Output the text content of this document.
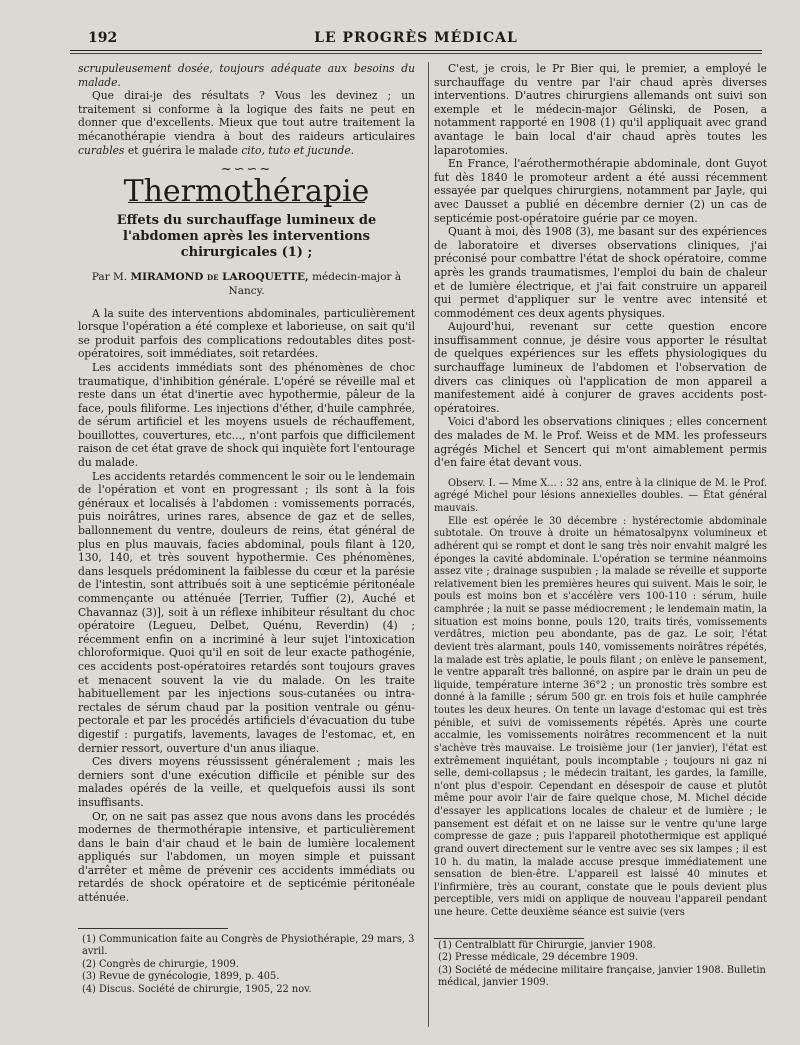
192	LE PROGRÈS MÉDICAL

scrupuleusement dosée, toujours adéquate aux besoins du malade.

Que dirai-je des résultats ? Vous les devinez ; un traitement si conforme à la logique des faits ne peut en donner que d'excellents. Mieux que tout autre traitement la mécanothérapie viendra à bout des raideurs articulaires curables et guérira le malade cito, tuto et jucunde.

~∽∽~
Thermothérapie
Effets du surchauffage lumineux de l'abdomen après les interventions chirurgicales (1) ;
Par M. MIRAMOND de LAROQUETTE, médecin-major à Nancy.

A la suite des interventions abdominales, particulièrement lorsque l'opération a été complexe et laborieuse, on sait qu'il se produit parfois des complications redoutables dites post-opératoires, soit immédiates, soit retardées.

Les accidents immédiats sont des phénomènes de choc traumatique, d'inhibition générale. L'opéré se réveille mal et reste dans un état d'inertie avec hypothermie, pâleur de la face, pouls filiforme. Les injections d'éther, d'huile camphrée, de sérum artificiel et les moyens usuels de réchauffement, bouillottes, couvertures, etc..., n'ont parfois que difficilement raison de cet état grave de shock qui inquiète fort l'entourage du malade.

Les accidents retardés commencent le soir ou le lendemain de l'opération et vont en progressant ; ils sont à la fois généraux et localisés à l'abdomen : vomissements porracés, puis noirâtres, urines rares, absence de gaz et de selles, ballonnement du ventre, douleurs de reins, état général de plus en plus mauvais, facies abdominal, pouls filant à 120, 130, 140, et très souvent hypothermie. Ces phénomènes, dans lesquels prédominent la faiblesse du cœur et la parésie de l'intestin, sont attribués soit à une septicémie péritonéale commençante ou atténuée [Terrier, Tuffier (2), Auché et Chavannaz (3)], soit à un réflexe inhibiteur résultant du choc opératoire (Legueu, Delbet, Quénu, Reverdin) (4) ; récemment enfin on a incriminé à leur sujet l'intoxication chloroformique. Quoi qu'il en soit de leur exacte pathogénie, ces accidents post-opératoires retardés sont toujours graves et menacent souvent la vie du malade. On les traite habituellement par les injections sous-cutanées ou intra-rectales de sérum chaud par la position ventrale ou génu-pectorale et par les procédés artificiels d'évacuation du tube digestif : purgatifs, lavements, lavages de l'estomac, et, en dernier ressort, ouverture d'un anus iliaque.

Ces divers moyens réussissent généralement ; mais les derniers sont d'une exécution difficile et pénible sur des malades opérés de la veille, et quelquefois aussi ils sont insuffisants.

Or, on ne sait pas assez que nous avons dans les procédés modernes de thermothérapie intensive, et particulièrement dans le bain d'air chaud et le bain de lumière localement appliqués sur l'abdomen, un moyen simple et puissant d'arrêter et même de prévenir ces accidents immédiats ou retardés de shock opératoire et de septicémie péritonéale atténuée.

C'est, je crois, le Pr Bier qui, le premier, a employé le surchauffage du ventre par l'air chaud après diverses interventions. D'autres chirurgiens allemands ont suivi son exemple et le médecin-major Gélinski, de Posen, a notamment rapporté en 1908 (1) qu'il appliquait avec grand avantage le bain local d'air chaud après toutes les laparotomies.

En France, l'aérothermothérapie abdominale, dont Guyot fut dès 1840 le promoteur ardent a été aussi récemment essayée par quelques chirurgiens, notamment par Jayle, qui avec Dausset a publié en décembre dernier (2) un cas de septicémie post-opératoire guérie par ce moyen.

Quant à moi, dès 1908 (3), me basant sur des expériences de laboratoire et diverses observations cliniques, j'ai préconisé pour combattre l'état de shock opératoire, comme après les grands traumatismes, l'emploi du bain de chaleur et de lumière électrique, et j'ai fait construire un appareil qui permet d'appliquer sur le ventre avec intensité et commodément ces deux agents physiques.

Aujourd'hui, revenant sur cette question encore insuffisamment connue, je désire vous apporter le résultat de quelques expériences sur les effets physiologiques du surchauffage lumineux de l'abdomen et l'observation de divers cas cliniques où l'application de mon appareil a manifestement aidé à conjurer de graves accidents post-opératoires.

Voici d'abord les observations cliniques ; elles concernent des malades de M. le Prof. Weiss et de MM. les professeurs agrégés Michel et Sencert qui m'ont aimablement permis d'en faire état devant vous.

Observ. I. — Mme X... : 32 ans, entre à la clinique de M. le Prof. agrégé Michel pour lésions annexielles doubles. — État général mauvais.

Elle est opérée le 30 décembre : hystérectomie abdominale subtotale. On trouve à droite un hématosalpynx volumineux et adhérent qui se rompt et dont le sang très noir envahit malgré les éponges la cavité abdominale. L'opération se termine néanmoins assez vite ; drainage suspubien ; la malade se réveille et supporte relativement bien les premières heures qui suivent. Mais le soir, le pouls est moins bon et s'accélère vers 100-110 : sérum, huile camphrée ; la nuit se passe médiocrement ; le lendemain matin, la situation est moins bonne, pouls 120, traits tirés, vomissements verdâtres, miction peu abondante, pas de gaz. Le soir, l'état devient très alarmant, pouls 140, vomissements noirâtres répétés, la malade est très aplatie, le pouls filant ; on enlève le pansement, le ventre apparaît très ballonné, on aspire par le drain un peu de liquide, température interne 36°2 ; un pronostic très sombre est donné à la famille ; sérum 500 gr. en trois fois et huile camphrée toutes les deux heures. On tente un lavage d'estomac qui est très pénible, et suivi de vomissements répétés. Après une courte accalmie, les vomissements noirâtres recommencent et la nuit s'achève très mauvaise. Le troisième jour (1er janvier), l'état est extrêmement inquiétant, pouls incomptable ; toujours ni gaz ni selle, demi-collapsus ; le médecin traitant, les gardes, la famille, n'ont plus d'espoir. Cependant en désespoir de cause et plutôt même pour avoir l'air de faire quelque chose, M. Michel décide d'essayer les applications locales de chaleur et de lumière ; le pansement est défait et on ne laisse sur le ventre qu'une large compresse de gaze ; puis l'appareil photothermique est appliqué grand ouvert directement sur le ventre avec ses six lampes ; il est 10 h. du matin, la malade accuse presque immédiatement une sensation de bien-être. L'appareil est laissé 40 minutes et l'infirmière, très au courant, constate que le pouls devient plus perceptible, vers midi on applique de nouveau l'appareil pendant une heure. Cette deuxième séance est suivie (vers

(1) Communication faite au Congrès de Physiothérapie, 29 mars, 3 avril.
(2) Congrès de chirurgie, 1909.
(3) Revue de gynécologie, 1899, p. 405.
(4) Discus. Société de chirurgie, 1905, 22 nov.
(1) Centralblatt für Chirurgie, janvier 1908.
(2) Presse médicale, 29 décembre 1909.
(3) Société de médecine militaire française, janvier 1908. Bulletin médical, janvier 1909.
